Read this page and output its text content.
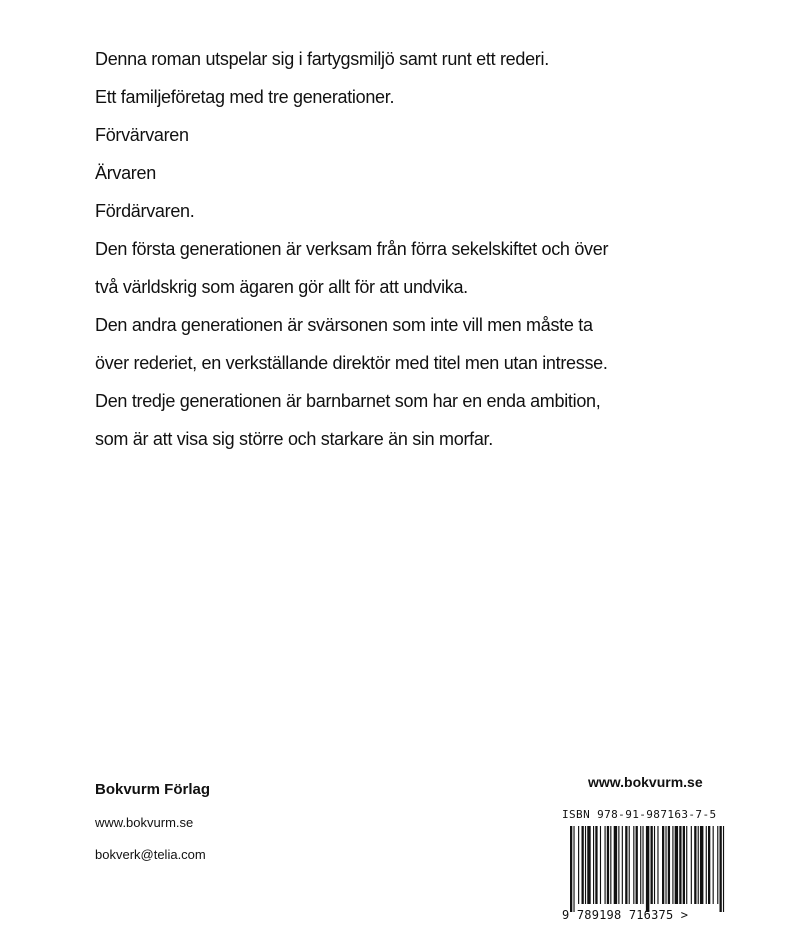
Denna roman utspelar sig i fartygsmiljö samt runt ett rederi.

Ett familjeföretag med tre generationer.

Förvärvaren

Ärvaren

Fördärvaren.

Den första generationen är verksam från förra sekelskiftet och över

två världskrig som ägaren gör allt för att undvika.

Den andra generationen är svärsonen som inte vill men måste ta

över rederiet, en verkställande direktör med titel men utan intresse.

Den tredje generationen är barnbarnet som har en enda ambition,

som är att visa sig större och starkare än sin morfar.

Bokvurm Förlag
www.bokvurm.se
bokverk@telia.com
www.bokvurm.se
ISBN 978-91-987163-7-5
9 789198 716375 >
